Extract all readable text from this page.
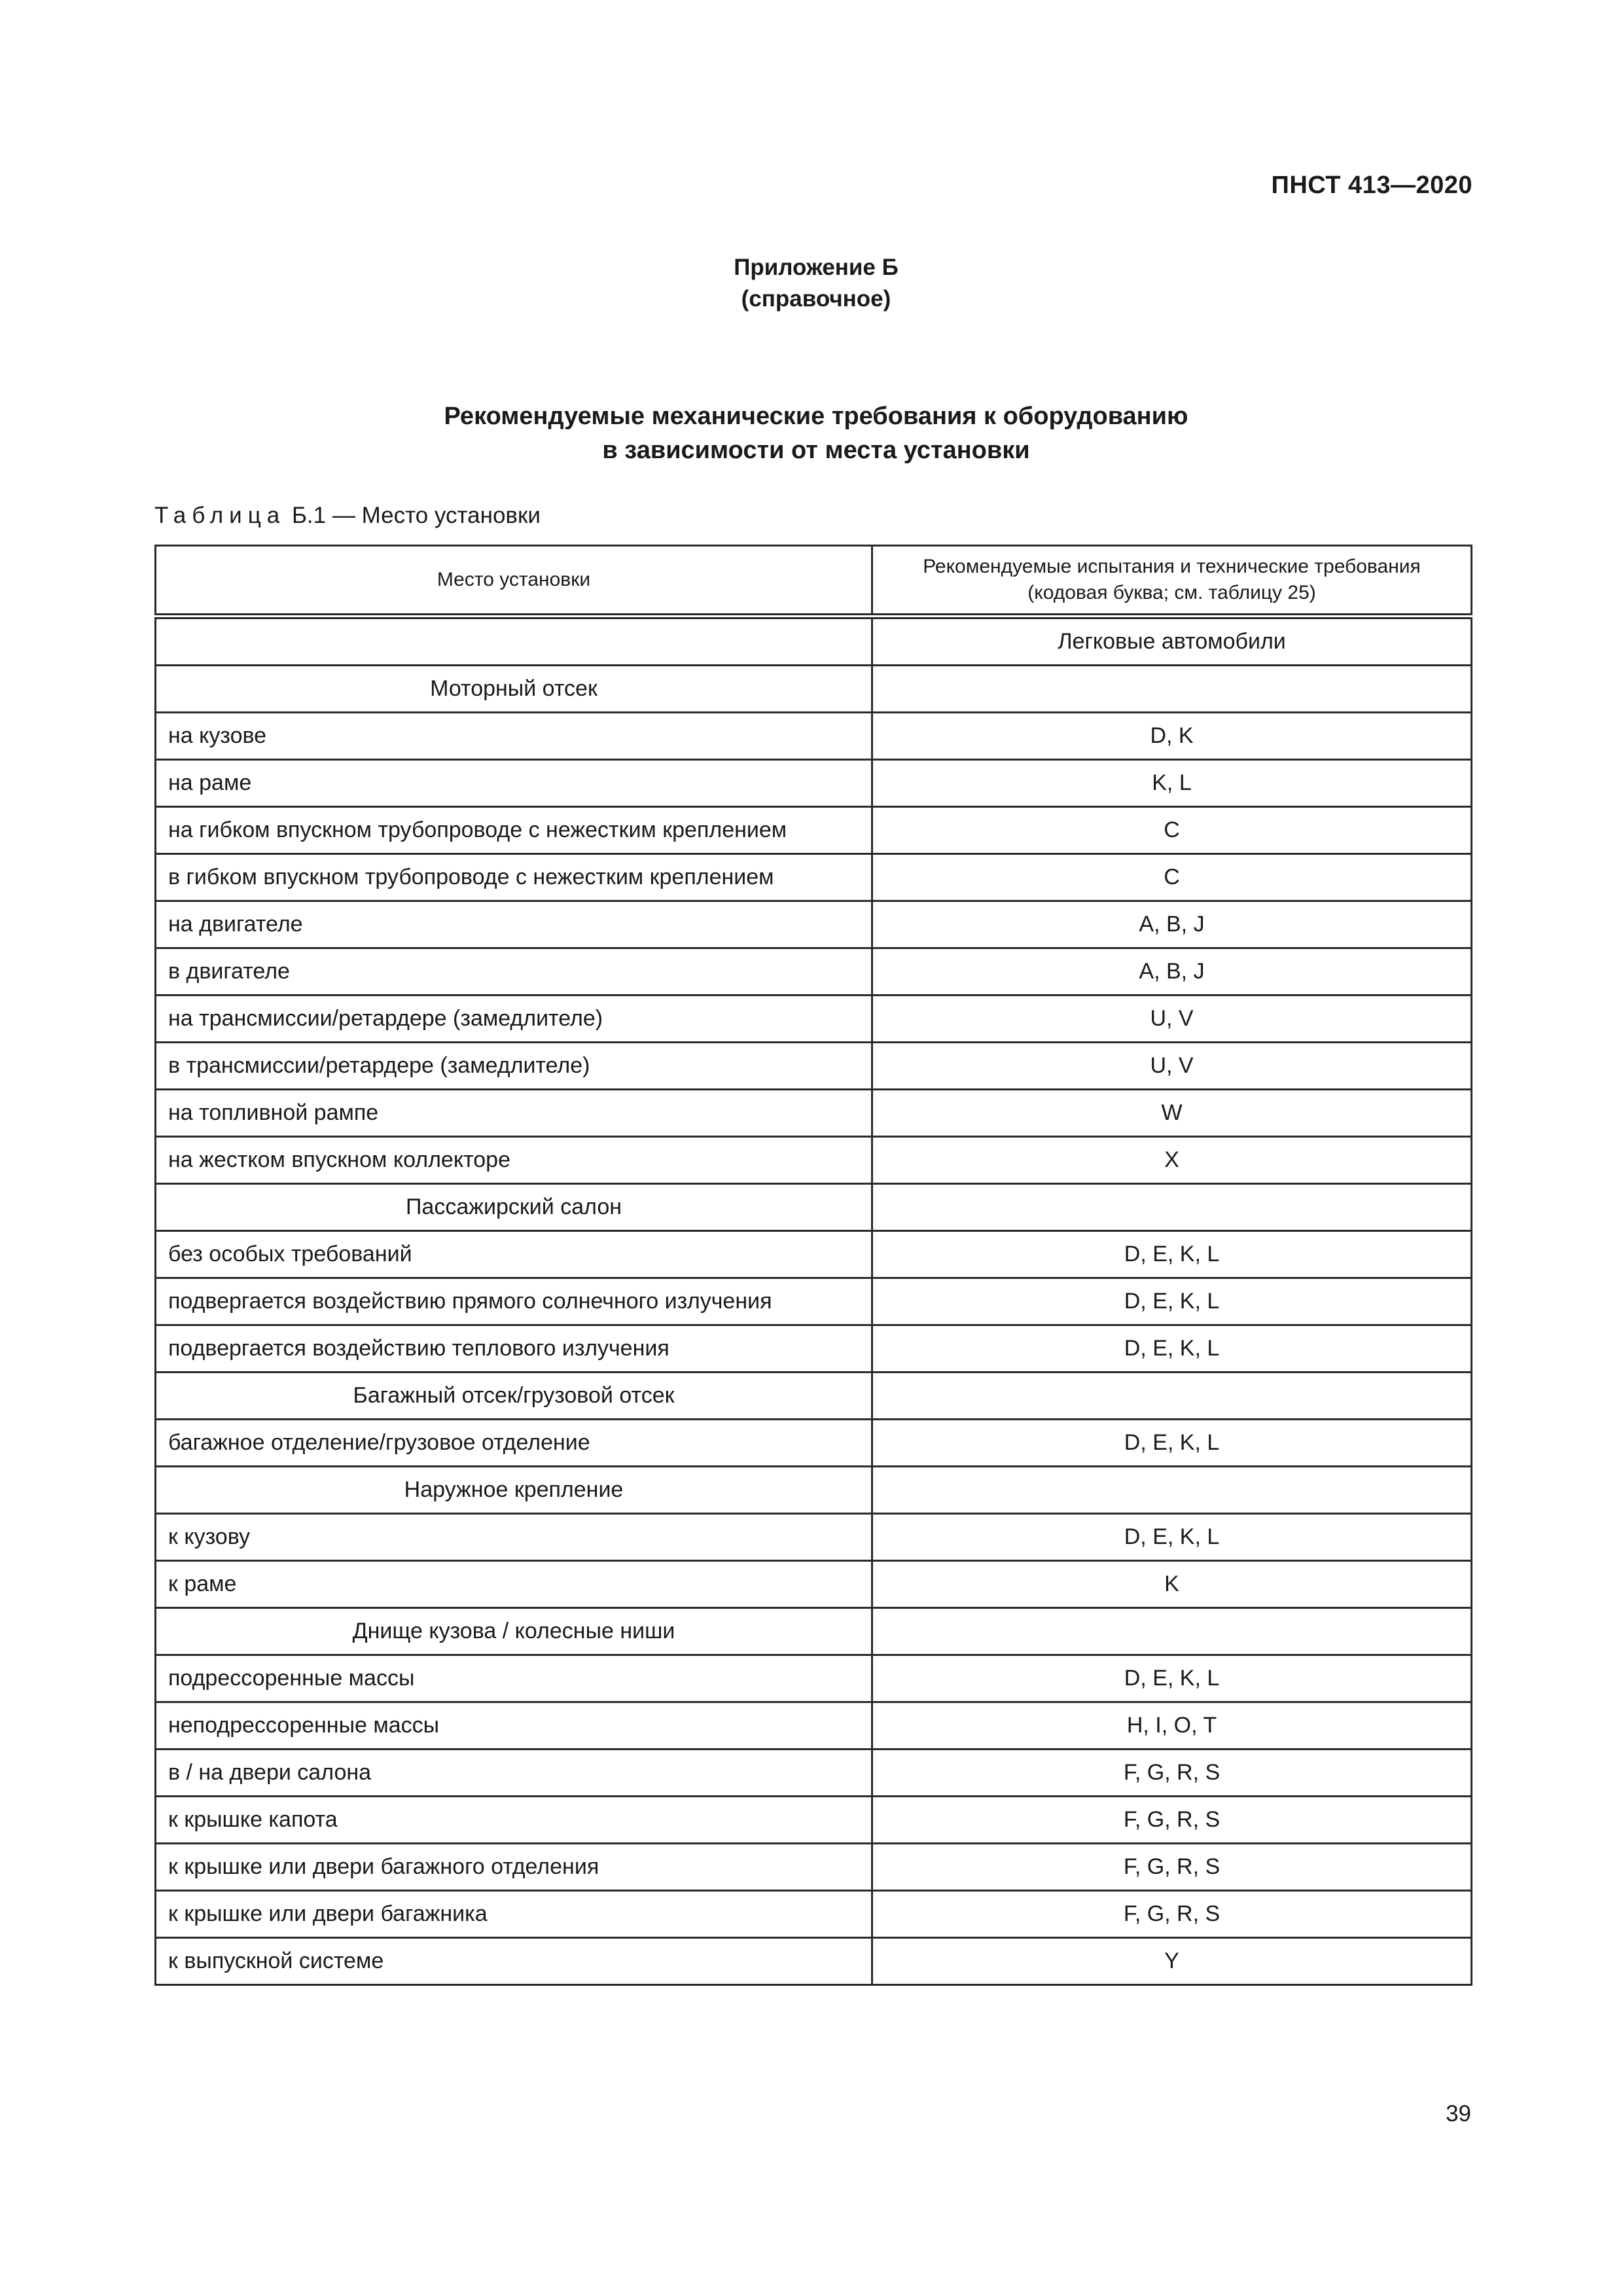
ПНСТ 413—2020
Приложение Б
(справочное)
Рекомендуемые механические требования к оборудованию
в зависимости от места установки
Таблица Б.1 — Место установки
Место установки	Рекомендуемые испытания и технические требования
(кодовая буква; см. таблицу 25)

	Легковые автомобили
Моторный отсек	
на кузове	D, K
на раме	K, L
на гибком впускном трубопроводе с нежестким креплением	C
в гибком впускном трубопроводе с нежестким креплением	C
на двигателе	A, B, J
в двигателе	A, B, J
на трансмиссии/ретардере (замедлителе)	U, V
в трансмиссии/ретардере (замедлителе)	U, V
на топливной рампе	W
на жестком впускном коллекторе	X
Пассажирский салон	
без особых требований	D, E, K, L
подвергается воздействию прямого солнечного излучения	D, E, K, L
подвергается воздействию теплового излучения	D, E, K, L
Багажный отсек/грузовой отсек	
багажное отделение/грузовое отделение	D, E, K, L
Наружное крепление	
к кузову	D, E, K, L
к раме	K
Днище кузова / колесные ниши	
подрессоренные массы	D, E, K, L
неподрессоренные массы	H, I, O, T
в / на двери салона	F, G, R, S
к крышке капота	F, G, R, S
к крышке или двери багажного отделения	F, G, R, S
к крышке или двери багажника	F, G, R, S
к выпускной системе	Y
39
